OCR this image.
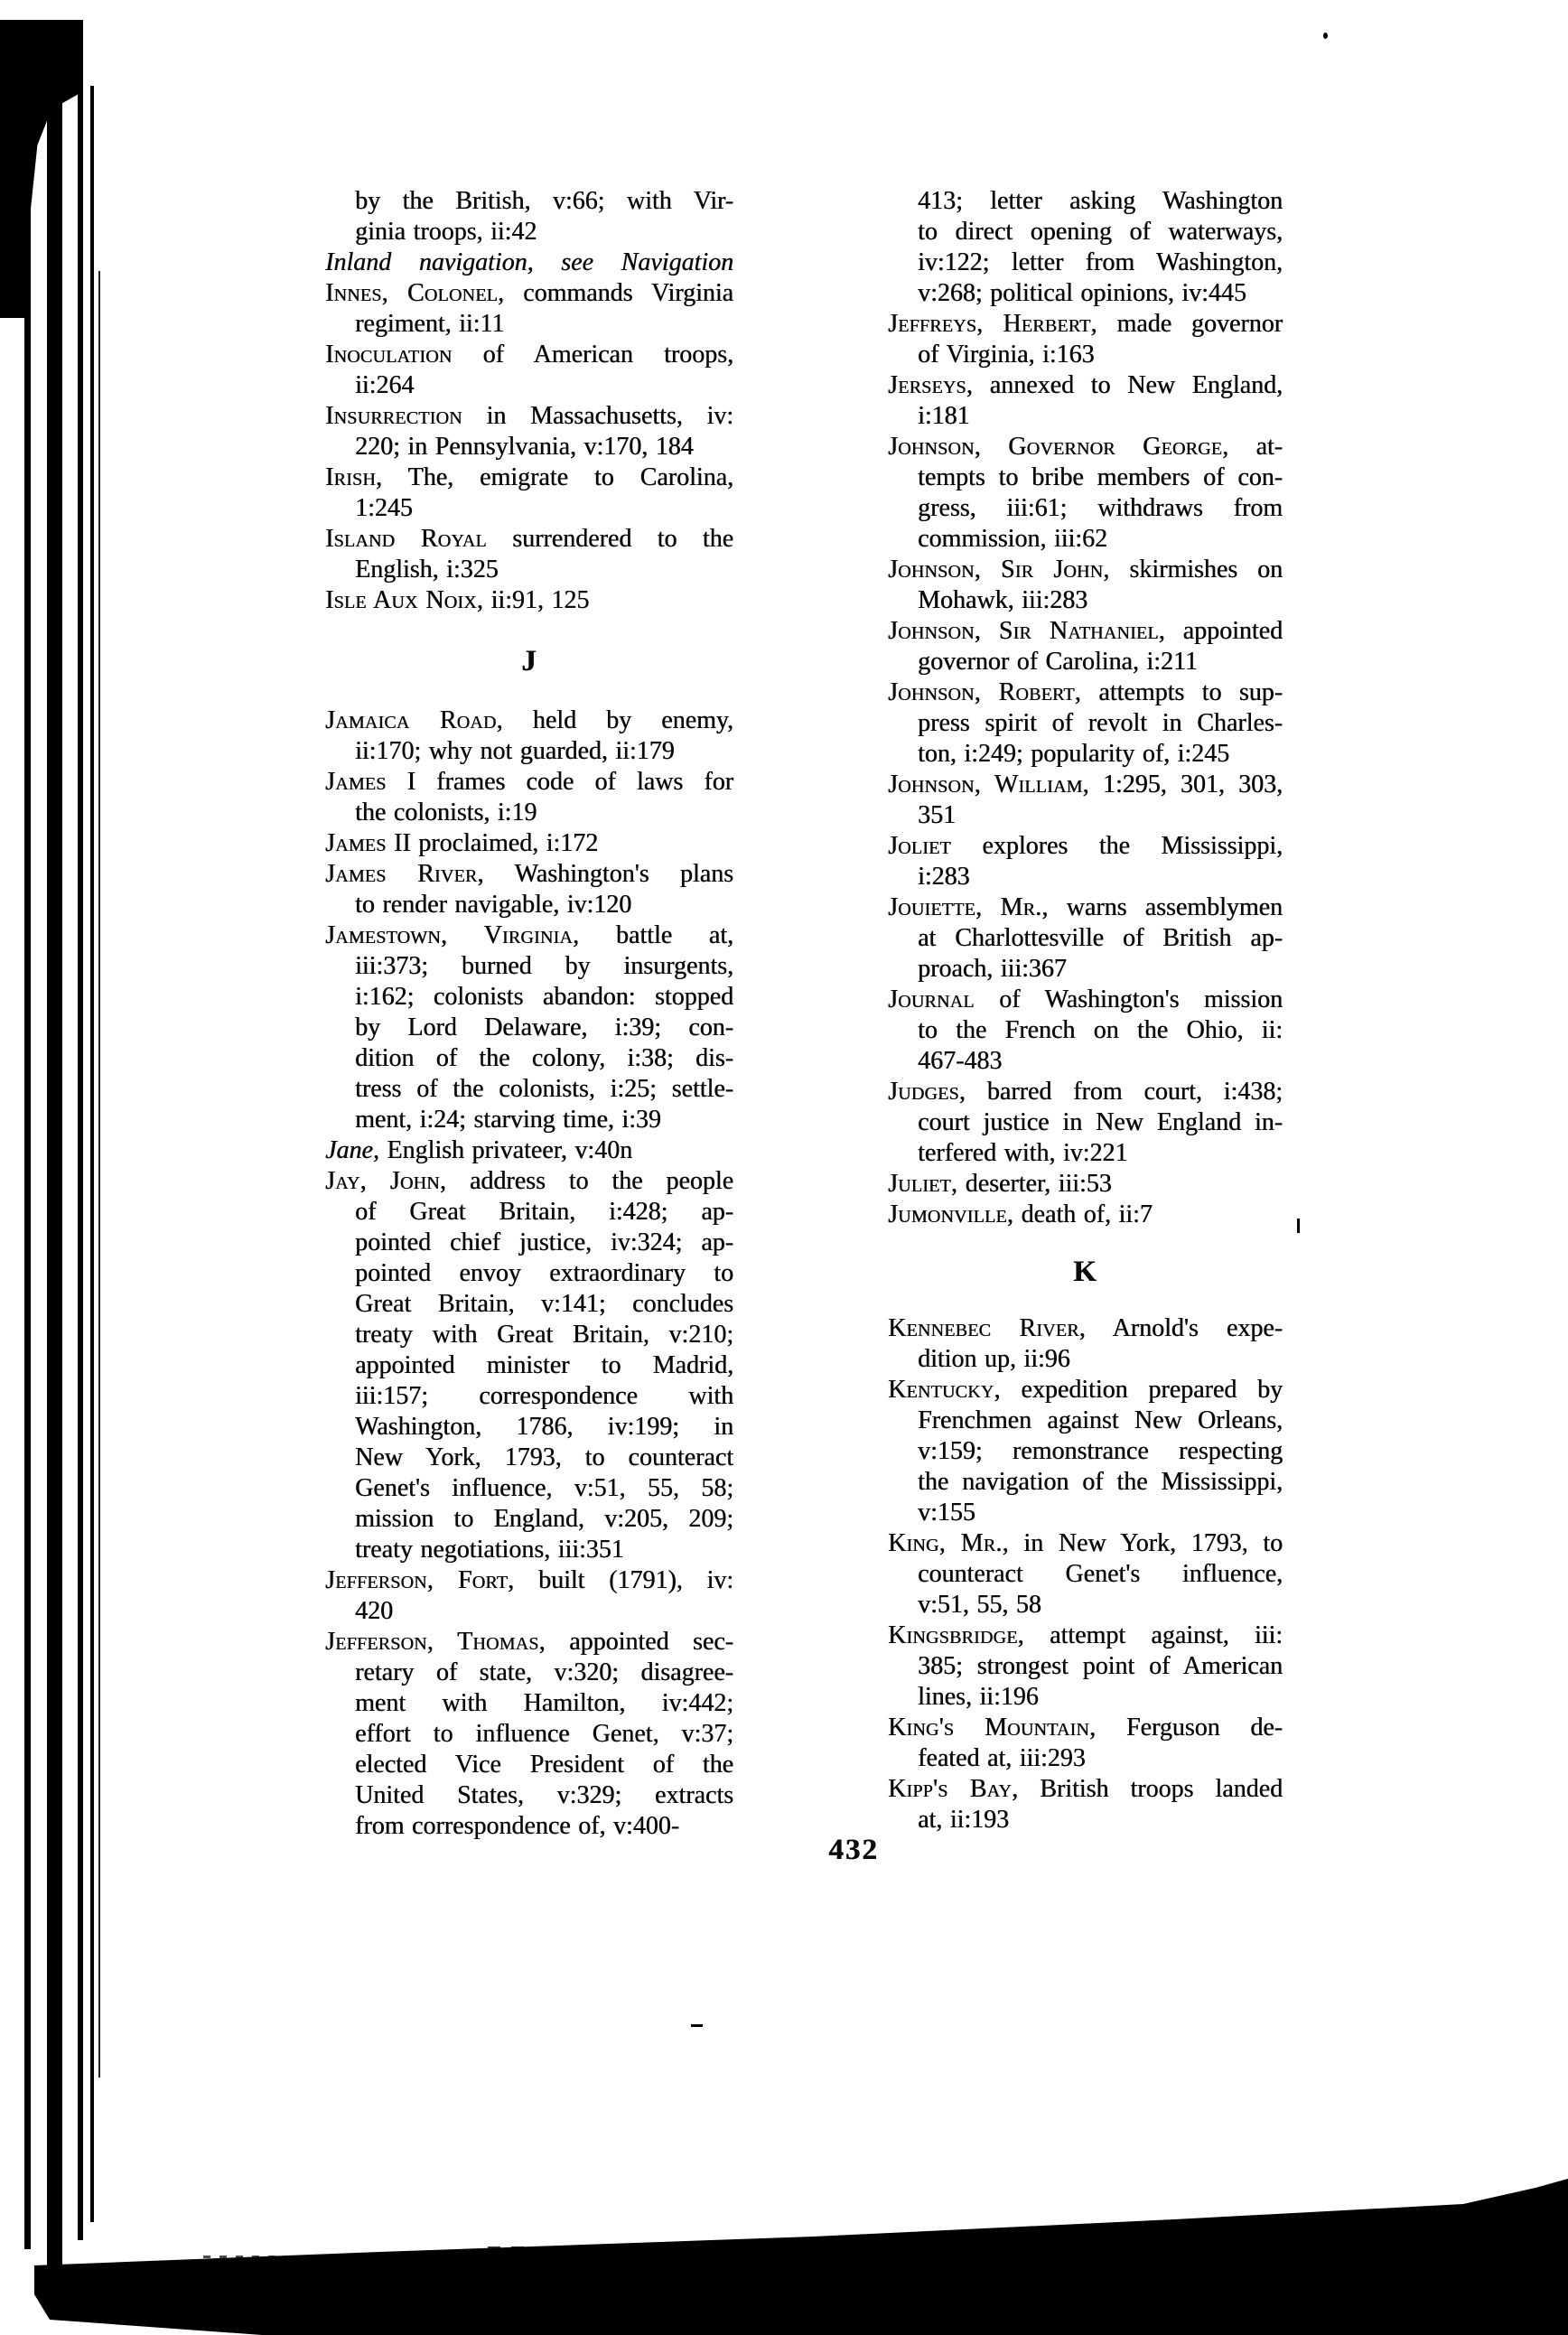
by the British, v:66; with Vir-
ginia troops, ii:42
Inland navigation, see Navigation
Innes, Colonel, commands Virginia
regiment, ii:11
Inoculation of American troops,
ii:264
Insurrection in Massachusetts, iv:
220; in Pennsylvania, v:170, 184
Irish, The, emigrate to Carolina,
1:245
Island Royal surrendered to the
English, i:325
Isle Aux Noix, ii:91, 125
J
Jamaica Road, held by enemy,
ii:170; why not guarded, ii:179
James I frames code of laws for
the colonists, i:19
James II proclaimed, i:172
James River, Washington's plans
to render navigable, iv:120
Jamestown, Virginia, battle at,
iii:373; burned by insurgents,
i:162; colonists abandon: stopped
by Lord Delaware, i:39; con-
dition of the colony, i:38; dis-
tress of the colonists, i:25; settle-
ment, i:24; starving time, i:39
Jane, English privateer, v:40n
Jay, John, address to the people
of Great Britain, i:428; ap-
pointed chief justice, iv:324; ap-
pointed envoy extraordinary to
Great Britain, v:141; concludes
treaty with Great Britain, v:210;
appointed minister to Madrid,
iii:157; correspondence with
Washington, 1786, iv:199; in
New York, 1793, to counteract
Genet's influence, v:51, 55, 58;
mission to England, v:205, 209;
treaty negotiations, iii:351
Jefferson, Fort, built (1791), iv:
420
Jefferson, Thomas, appointed sec-
retary of state, v:320; disagree-
ment with Hamilton, iv:442;
effort to influence Genet, v:37;
elected Vice President of the
United States, v:329; extracts
from correspondence of, v:400-
413; letter asking Washington
to direct opening of waterways,
iv:122; letter from Washington,
v:268; political opinions, iv:445
Jeffreys, Herbert, made governor
of Virginia, i:163
Jerseys, annexed to New England,
i:181
Johnson, Governor George, at-
tempts to bribe members of con-
gress, iii:61; withdraws from
commission, iii:62
Johnson, Sir John, skirmishes on
Mohawk, iii:283
Johnson, Sir Nathaniel, appointed
governor of Carolina, i:211
Johnson, Robert, attempts to sup-
press spirit of revolt in Charles-
ton, i:249; popularity of, i:245
Johnson, William, 1:295, 301, 303,
351
Joliet explores the Mississippi,
i:283
Jouiette, Mr., warns assemblymen
at Charlottesville of British ap-
proach, iii:367
Journal of Washington's mission
to the French on the Ohio, ii:
467-483
Judges, barred from court, i:438;
court justice in New England in-
terfered with, iv:221
Juliet, deserter, iii:53
Jumonville, death of, ii:7
K
Kennebec River, Arnold's expe-
dition up, ii:96
Kentucky, expedition prepared by
Frenchmen against New Orleans,
v:159; remonstrance respecting
the navigation of the Mississippi,
v:155
King, Mr., in New York, 1793, to
counteract Genet's influence,
v:51, 55, 58
Kingsbridge, attempt against, iii:
385; strongest point of American
lines, ii:196
King's Mountain, Ferguson de-
feated at, iii:293
Kipp's Bay, British troops landed
at, ii:193
432
